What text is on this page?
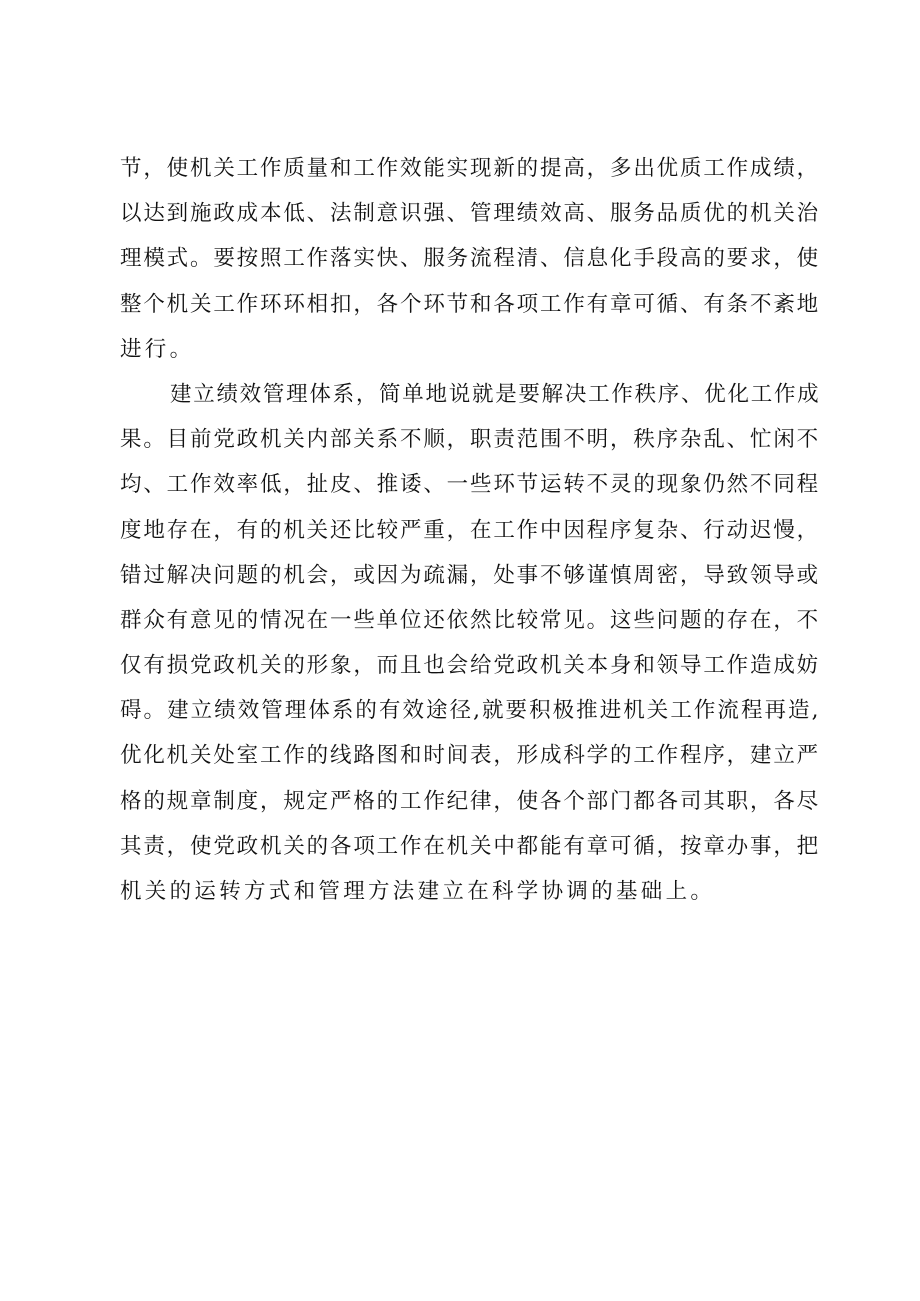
节，使机关工作质量和工作效能实现新的提高，多出优质工作成绩，
以达到施政成本低、法制意识强、管理绩效高、服务品质优的机关治
理模式。要按照工作落实快、服务流程清、信息化手段高的要求，使
整个机关工作环环相扣，各个环节和各项工作有章可循、有条不紊地
进行。
建立绩效管理体系，简单地说就是要解决工作秩序、优化工作成
果。目前党政机关内部关系不顺，职责范围不明，秩序杂乱、忙闲不
均、工作效率低，扯皮、推诿、一些环节运转不灵的现象仍然不同程
度地存在，有的机关还比较严重，在工作中因程序复杂、行动迟慢，
错过解决问题的机会，或因为疏漏，处事不够谨慎周密，导致领导或
群众有意见的情况在一些单位还依然比较常见。这些问题的存在，不
仅有损党政机关的形象，而且也会给党政机关本身和领导工作造成妨
碍。建立绩效管理体系的有效途径,就要积极推进机关工作流程再造,
优化机关处室工作的线路图和时间表，形成科学的工作程序，建立严
格的规章制度，规定严格的工作纪律，使各个部门都各司其职，各尽
其责，使党政机关的各项工作在机关中都能有章可循，按章办事，把
机关的运转方式和管理方法建立在科学协调的基础上。
